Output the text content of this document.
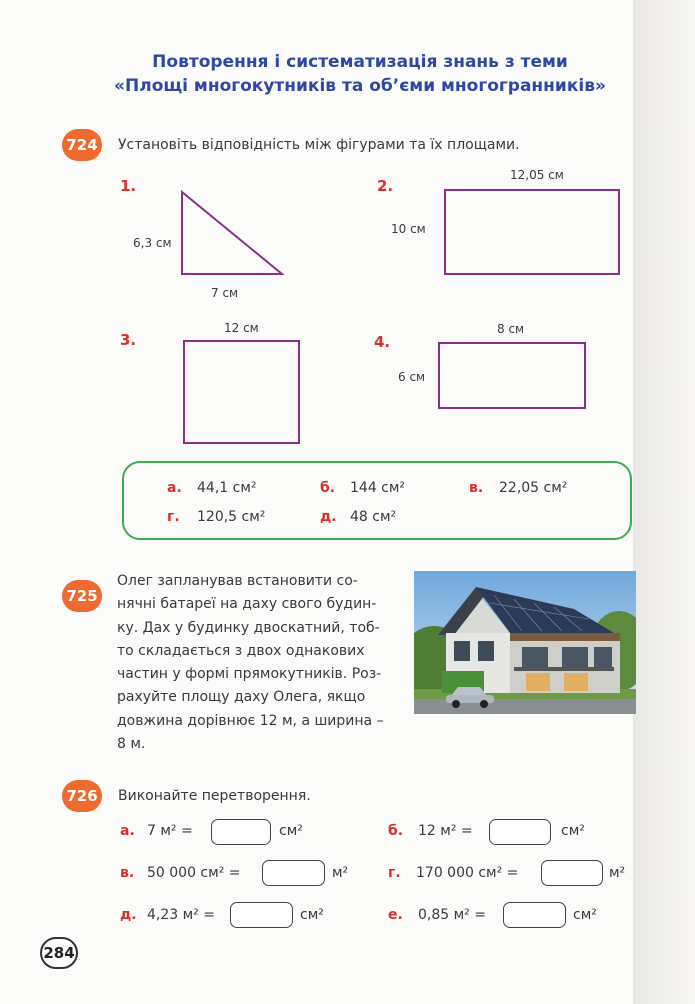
Повторення і систематизація знань з теми
«Площі многокутників та об’єми многогранників»
724	Установіть відповідність між фігурами та їх площами.
1.
6,3 см
7 см
2.
12,05 см
10 см
3.
12 см
4.
8 см
6 см
а. 44,1 см²	б. 144 см²	в. 22,05 см²
г. 120,5 см²	д. 48 см²
725
Олег запланував встановити со-
нячні батареї на даху свого будин-
ку. Дах у будинку двоскатний, тоб-
то складається з двох однакових
частин у формі прямокутників. Роз-
рахуйте площу даху Олега, якщо
довжина дорівнює 12 м, а ширина –
8 м.
726	Виконайте перетворення.
а. 7 м² =	см²	б. 12 м² =	см²
в. 50 000 см² =	м²	г. 170 000 см² =	м²
д. 4,23 м² =	см²	е. 0,85 м² =	см²
284
